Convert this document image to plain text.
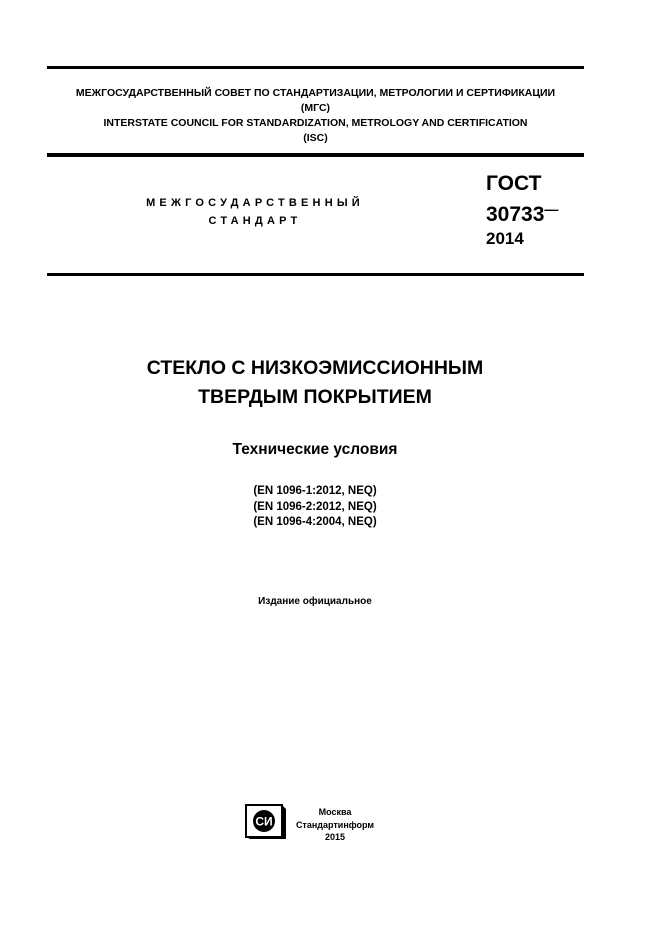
МЕЖГОСУДАРСТВЕННЫЙ СОВЕТ ПО СТАНДАРТИЗАЦИИ, МЕТРОЛОГИИ И СЕРТИФИКАЦИИ
(МГС)
INTERSTATE COUNCIL FOR STANDARDIZATION, METROLOGY AND CERTIFICATION
(ISC)
МЕЖГОСУДАРСТВЕННЫЙ
СТАНДАРТ
ГОСТ
30733—
2014
СТЕКЛО С НИЗКОЭМИССИОННЫМ
ТВЕРДЫМ ПОКРЫТИЕМ
Технические условия
(EN 1096-1:2012, NEQ)
(EN 1096-2:2012, NEQ)
(EN 1096-4:2004, NEQ)
Издание официальное
СИ
Москва
Стандартинформ
2015
